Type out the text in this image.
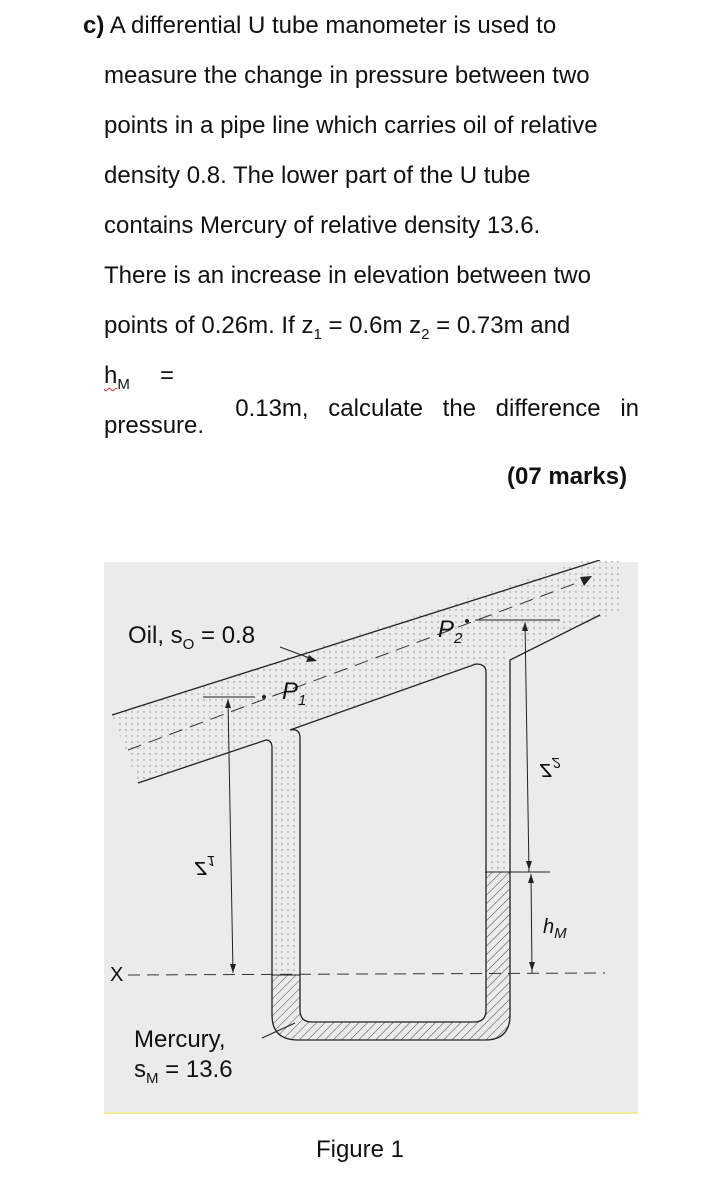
c) A differential U tube manometer is used to
measure the change in pressure between two
points in a pipe line which carries oil of relative
density 0.8. The lower part of the U tube
contains Mercury of relative density 13.6.
There is an increase in elevation between two
points of 0.26m. If $z_1 = 0.6m$ $z_2 = 0.73m$ and
$h_M$ =
0.13m, calculate the difference in
pressure.
(07 marks)
Oil, $s_O = 0.8$
$P_1$
$P_2$
$z_1$
$z_2$
$h_M$
X
Mercury,
$s_M = 13.6$
Figure 1
